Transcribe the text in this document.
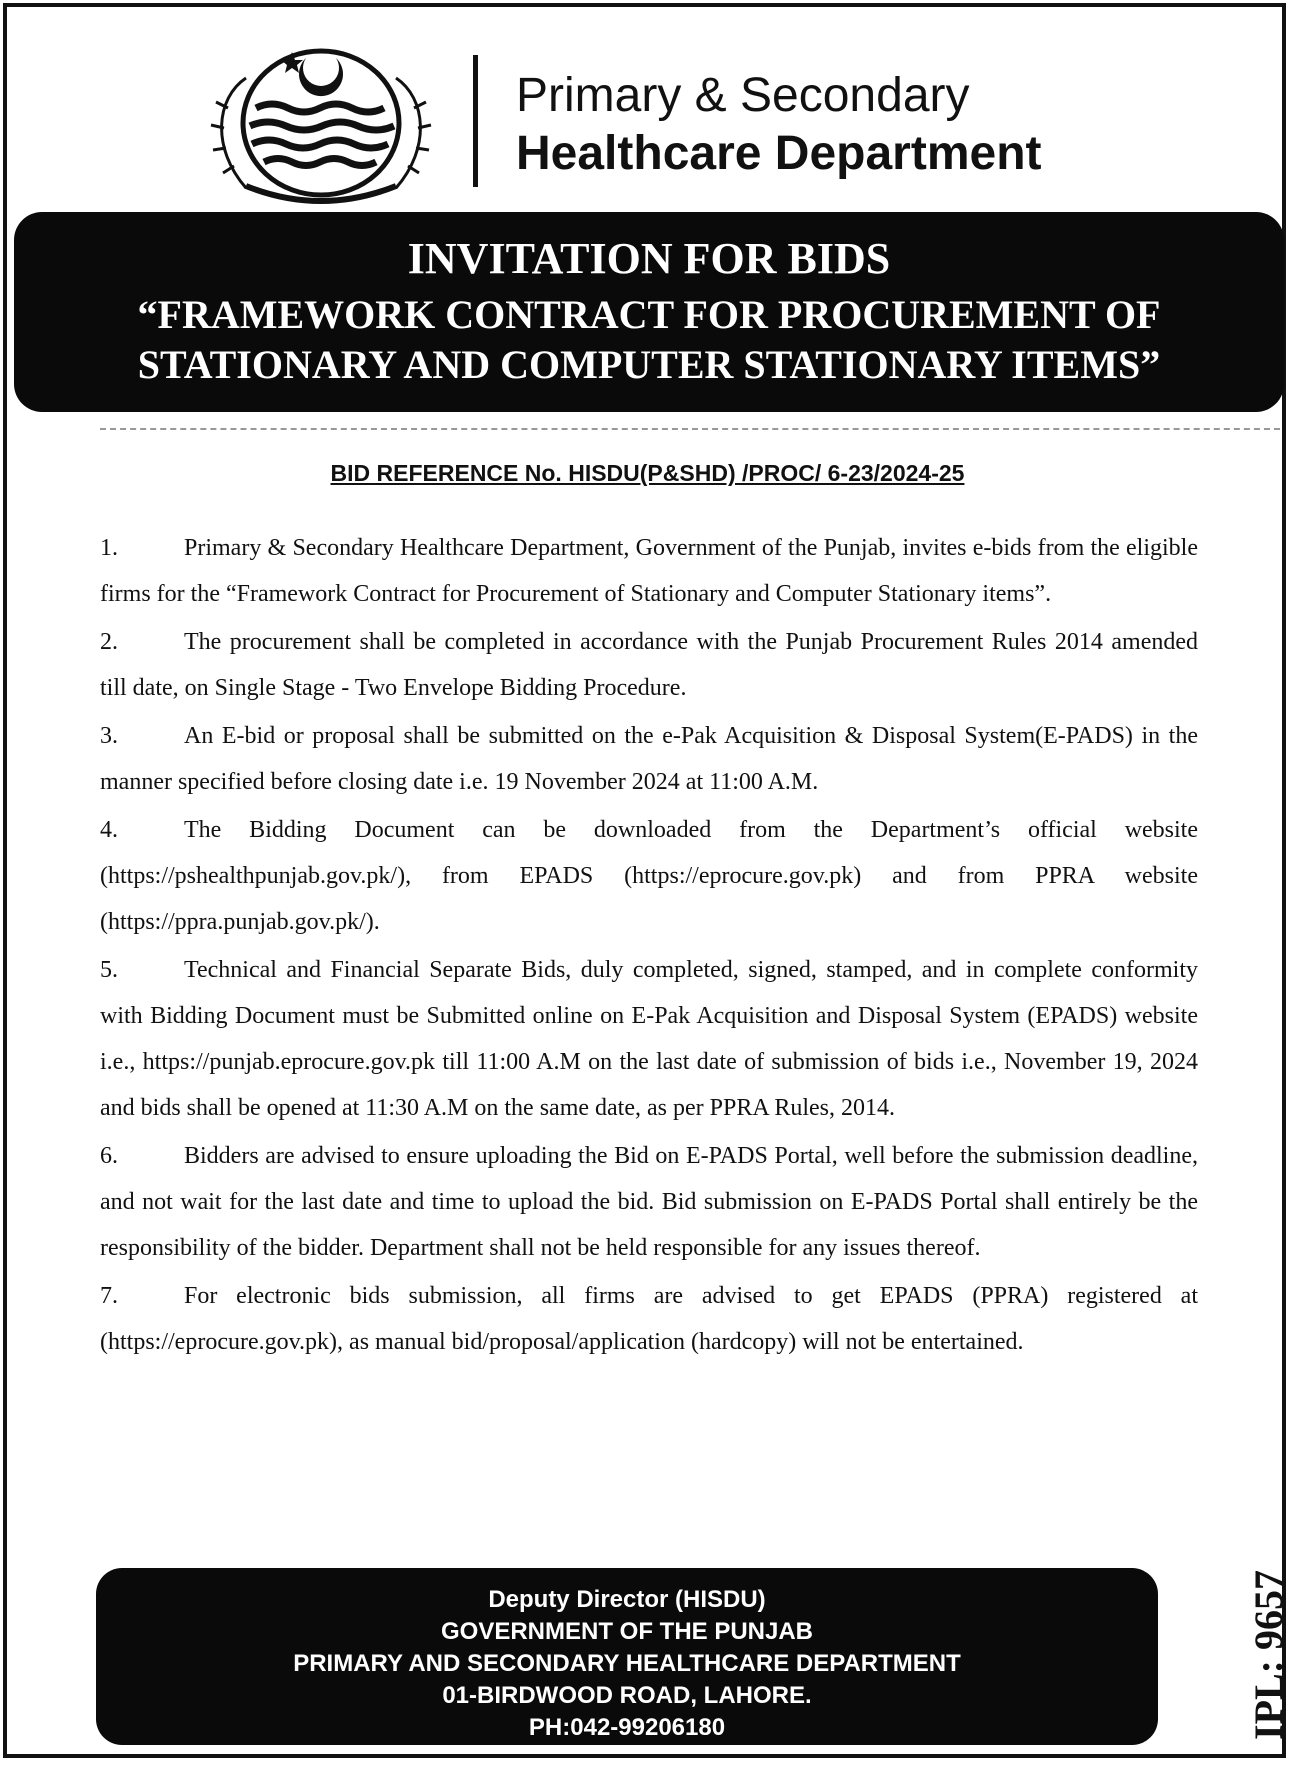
Primary & Secondary
Healthcare Department
INVITATION FOR BIDS
“FRAMEWORK CONTRACT FOR PROCUREMENT OF
STATIONARY AND COMPUTER STATIONARY ITEMS”
BID REFERENCE No. HISDU(P&SHD) /PROC/ 6-23/2024-25
1.	Primary & Secondary Healthcare Department, Government of the Punjab, invites e-bids from the eligible firms for the “Framework Contract for Procurement of Stationary and Computer Stationary items”.
2.	The procurement shall be completed in accordance with the Punjab Procurement Rules 2014 amended till date, on Single Stage - Two Envelope Bidding Procedure.
3.	An E-bid or proposal shall be submitted on the e-Pak Acquisition & Disposal System(E-PADS) in the manner specified before closing date i.e. 19 November 2024 at 11:00 A.M.
4.	The Bidding Document can be downloaded from the Department’s official website (https://pshealthpunjab.gov.pk/), from EPADS (https://eprocure.gov.pk) and from PPRA website (https://ppra.punjab.gov.pk/).
5.	Technical and Financial Separate Bids, duly completed, signed, stamped, and in complete conformity with Bidding Document must be Submitted online on E-Pak Acquisition and Disposal System (EPADS) website i.e., https://punjab.eprocure.gov.pk till 11:00 A.M on the last date of submission of bids i.e., November 19, 2024 and bids shall be opened at 11:30 A.M on the same date, as per PPRA Rules, 2014.
6.	Bidders are advised to ensure uploading the Bid on E-PADS Portal, well before the submission deadline, and not wait for the last date and time to upload the bid. Bid submission on E-PADS Portal shall entirely be the responsibility of the bidder. Department shall not be held responsible for any issues thereof.
7.	For electronic bids submission, all firms are advised to get EPADS (PPRA) registered at (https://eprocure.gov.pk), as manual bid/proposal/application (hardcopy) will not be entertained.
Deputy Director (HISDU)
GOVERNMENT OF THE PUNJAB
PRIMARY AND SECONDARY HEALTHCARE DEPARTMENT
01-BIRDWOOD ROAD, LAHORE.
PH:042-99206180	IPL: 9657
